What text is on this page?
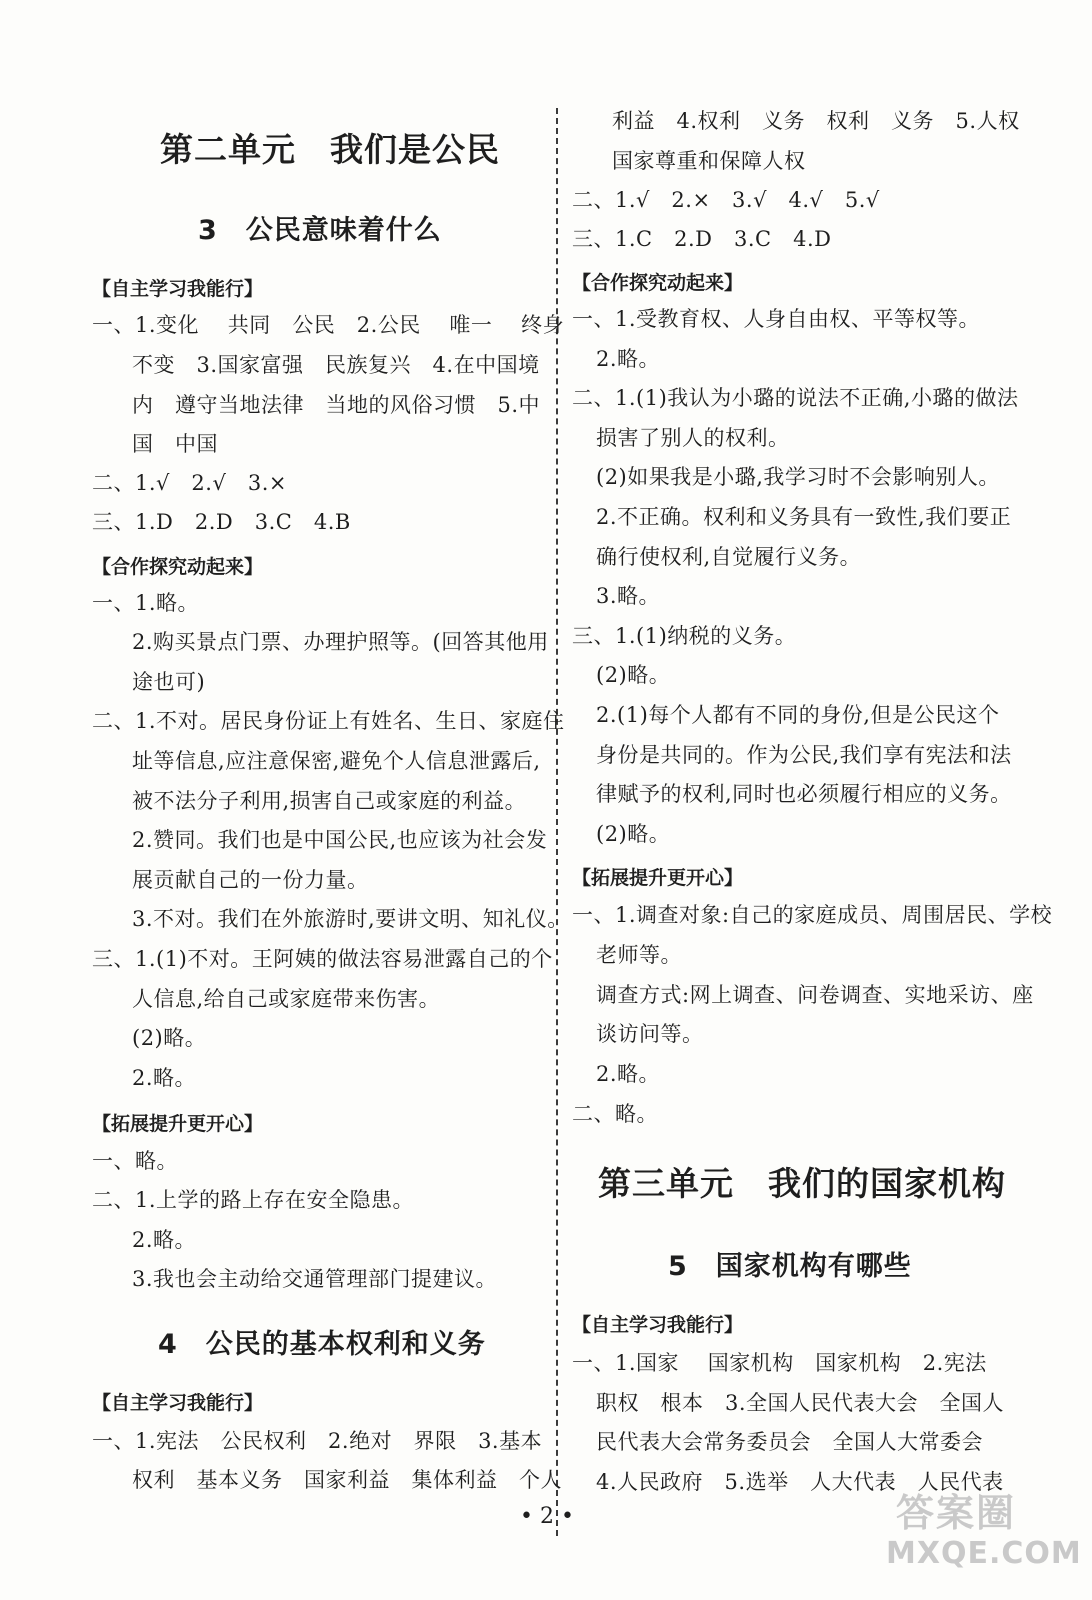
第二单元　我们是公民
3　公民意味着什么
【自主学习我能行】
一、1.变化　 共同　公民　2.公民　 唯一　 终身
不变　3.国家富强　民族复兴　4.在中国境
内　遵守当地法律　当地的风俗习惯　5.中
国　中国
二、1.√　2.√　3.×
三、1.D　2.D　3.C　4.B
【合作探究动起来】
一、1.略。
2.购买景点门票、办理护照等。(回答其他用
途也可)
二、1.不对。居民身份证上有姓名、生日、家庭住
址等信息,应注意保密,避免个人信息泄露后,
被不法分子利用,损害自己或家庭的利益。
2.赞同。我们也是中国公民,也应该为社会发
展贡献自己的一份力量。
3.不对。我们在外旅游时,要讲文明、知礼仪。
三、1.(1)不对。王阿姨的做法容易泄露自己的个
人信息,给自己或家庭带来伤害。
(2)略。
2.略。
【拓展提升更开心】
一、略。
二、1.上学的路上存在安全隐患。
2.略。
3.我也会主动给交通管理部门提建议。
4　公民的基本权利和义务
【自主学习我能行】
一、1.宪法　公民权利　2.绝对　界限　3.基本
权利　基本义务　国家利益　集体利益　个人
利益　4.权利　义务　权利　义务　5.人权
国家尊重和保障人权
二、1.√　2.×　3.√　4.√　5.√
三、1.C　2.D　3.C　4.D
【合作探究动起来】
一、1.受教育权、人身自由权、平等权等。
2.略。
二、1.(1)我认为小璐的说法不正确,小璐的做法
损害了别人的权利。
(2)如果我是小璐,我学习时不会影响别人。
2.不正确。权利和义务具有一致性,我们要正
确行使权利,自觉履行义务。
3.略。
三、1.(1)纳税的义务。
(2)略。
2.(1)每个人都有不同的身份,但是公民这个
身份是共同的。作为公民,我们享有宪法和法
律赋予的权利,同时也必须履行相应的义务。
(2)略。
【拓展提升更开心】
一、1.调查对象:自己的家庭成员、周围居民、学校
老师等。
调查方式:网上调查、问卷调查、实地采访、座
谈访问等。
2.略。
二、略。
第三单元　我们的国家机构
5　国家机构有哪些
【自主学习我能行】
一、1.国家　 国家机构　国家机构　2.宪法
职权　根本　3.全国人民代表大会　全国人
民代表大会常务委员会　全国人大常委会
4.人民政府　5.选举　人大代表　人民代表
• 2 •	答案圈
MXQE.COM
